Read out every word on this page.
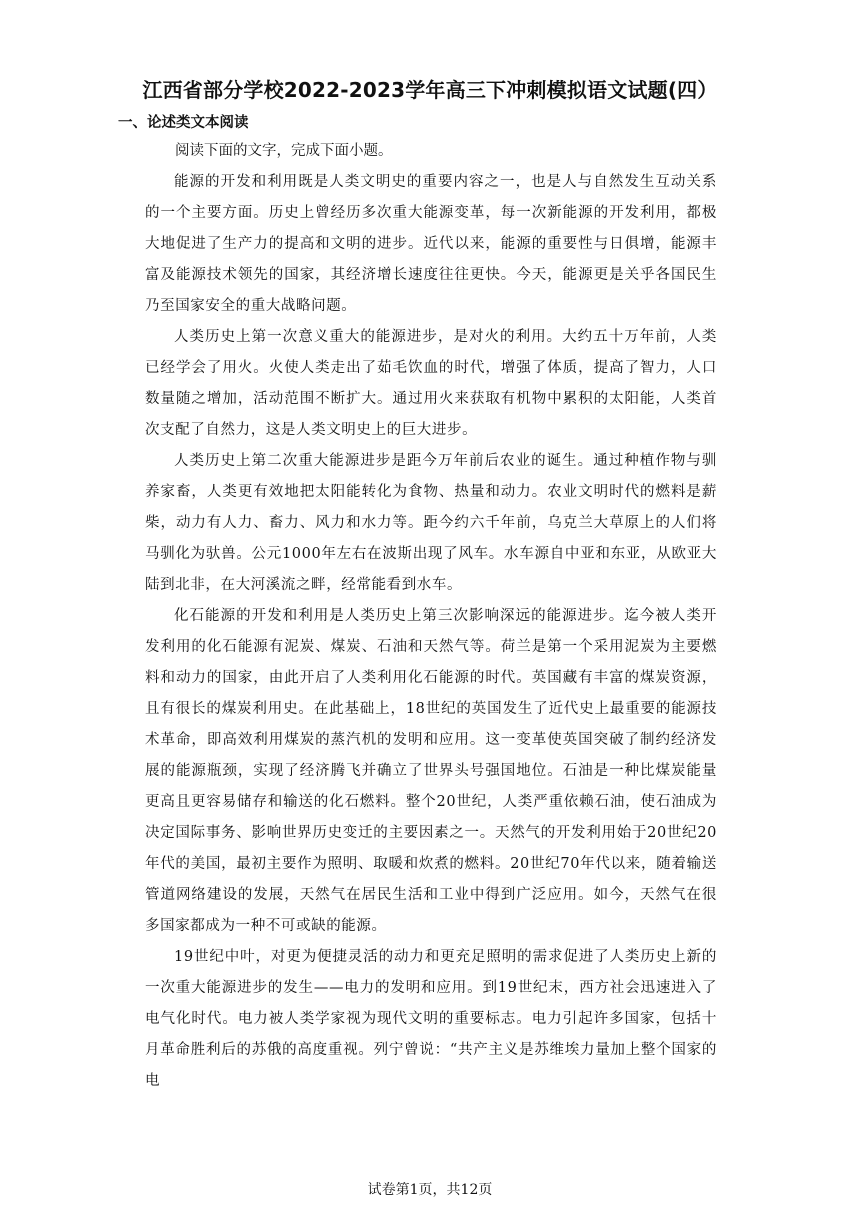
江西省部分学校2022-2023学年高三下冲刺模拟语文试题(四）
一、论述类文本阅读
阅读下面的文字，完成下面小题。

能源的开发和利用既是人类文明史的重要内容之一，也是人与自然发生互动关系的一个主要方面。历史上曾经历多次重大能源变革，每一次新能源的开发利用，都极大地促进了生产力的提高和文明的进步。近代以来，能源的重要性与日俱增，能源丰富及能源技术领先的国家，其经济增长速度往往更快。今天，能源更是关乎各国民生乃至国家安全的重大战略问题。

人类历史上第一次意义重大的能源进步，是对火的利用。大约五十万年前，人类已经学会了用火。火使人类走出了茹毛饮血的时代，增强了体质，提高了智力，人口数量随之增加，活动范围不断扩大。通过用火来获取有机物中累积的太阳能，人类首次支配了自然力，这是人类文明史上的巨大进步。

人类历史上第二次重大能源进步是距今万年前后农业的诞生。通过种植作物与驯养家畜，人类更有效地把太阳能转化为食物、热量和动力。农业文明时代的燃料是薪柴，动力有人力、畜力、风力和水力等。距今约六千年前，乌克兰大草原上的人们将马驯化为驮兽。公元1000年左右在波斯出现了风车。水车源自中亚和东亚，从欧亚大陆到北非，在大河溪流之畔，经常能看到水车。

化石能源的开发和利用是人类历史上第三次影响深远的能源进步。迄今被人类开发利用的化石能源有泥炭、煤炭、石油和天然气等。荷兰是第一个采用泥炭为主要燃料和动力的国家，由此开启了人类利用化石能源的时代。英国藏有丰富的煤炭资源，且有很长的煤炭利用史。在此基础上，18世纪的英国发生了近代史上最重要的能源技术革命，即高效利用煤炭的蒸汽机的发明和应用。这一变革使英国突破了制约经济发展的能源瓶颈，实现了经济腾飞并确立了世界头号强国地位。石油是一种比煤炭能量更高且更容易储存和输送的化石燃料。整个20世纪，人类严重依赖石油，使石油成为决定国际事务、影响世界历史变迁的主要因素之一。天然气的开发利用始于20世纪20年代的美国，最初主要作为照明、取暖和炊煮的燃料。20世纪70年代以来，随着输送管道网络建设的发展，天然气在居民生活和工业中得到广泛应用。如今，天然气在很多国家都成为一种不可或缺的能源。

19世纪中叶，对更为便捷灵活的动力和更充足照明的需求促进了人类历史上新的一次重大能源进步的发生——电力的发明和应用。到19世纪末，西方社会迅速进入了电气化时代。电力被人类学家视为现代文明的重要标志。电力引起许多国家，包括十月革命胜利后的苏俄的高度重视。列宁曾说：“共产主义是苏维埃力量加上整个国家的电

试卷第1页，共12页
